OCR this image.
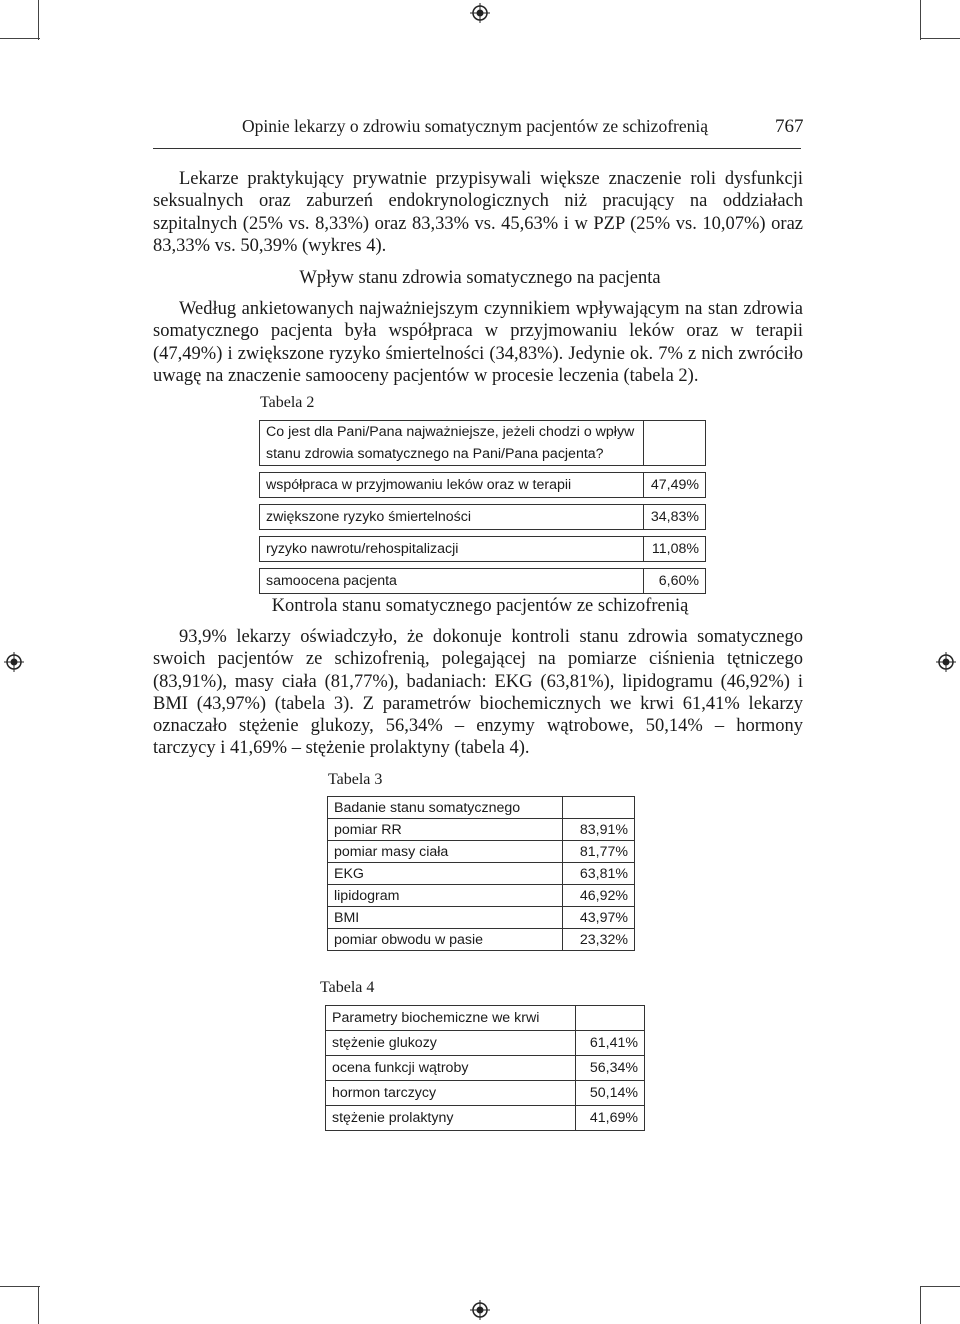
Opinie lekarzy o zdrowiu somatycznym pacjentów ze schizofrenią	767

Lekarze praktykujący prywatnie przypisywali większe znaczenie roli dysfunkcji seksualnych oraz zaburzeń endokrynologicznych niż pracujący na oddziałach szpitalnych (25% vs. 8,33%) oraz 83,33% vs. 45,63% i w PZP (25% vs. 10,07%) oraz 83,33% vs. 50,39% (wykres 4).

Wpływ stanu zdrowia somatycznego na pacjenta

Według ankietowanych najważniejszym czynnikiem wpływającym na stan zdrowia somatycznego pacjenta była współpraca w przyjmowaniu leków oraz w terapii (47,49%) i zwiększone ryzyko śmiertelności (34,83%). Jedynie ok. 7% z nich zwróciło uwagę na znaczenie samooceny pacjentów w procesie leczenia (tabela 2).

Tabela 2
Co jest dla Pani/Pana najważniejsze, jeżeli chodzi o wpływ
stanu zdrowia somatycznego na Pani/Pana pacjenta?	

współpraca w przyjmowaniu leków oraz w terapii	47,49%

zwiększone ryzyko śmiertelności	34,83%

ryzyko nawrotu/rehospitalizacji	11,08%

samoocena pacjenta	6,60%
Kontrola stanu somatycznego pacjentów ze schizofrenią

93,9% lekarzy oświadczyło, że dokonuje kontroli stanu zdrowia somatycznego swoich pacjentów ze schizofrenią, polegającej na pomiarze ciśnienia tętniczego (83,91%), masy ciała (81,77%), badaniach: EKG (63,81%), lipidogramu (46,92%) i BMI (43,97%) (tabela 3). Z parametrów biochemicznych we krwi 61,41% lekarzy oznaczało stężenie glukozy, 56,34% – enzymy wątrobowe, 50,14% – hormony tarczycy i 41,69% – stężenie prolaktyny (tabela 4).

Tabela 3
Badanie stanu somatycznego	
pomiar RR	83,91%
pomiar masy ciała	81,77%
EKG	63,81%
lipidogram	46,92%
BMI	43,97%
pomiar obwodu w pasie	23,32%
Tabela 4
Parametry biochemiczne we krwi	
stężenie glukozy	61,41%
ocena funkcji wątroby	56,34%
hormon tarczycy	50,14%
stężenie prolaktyny	41,69%
